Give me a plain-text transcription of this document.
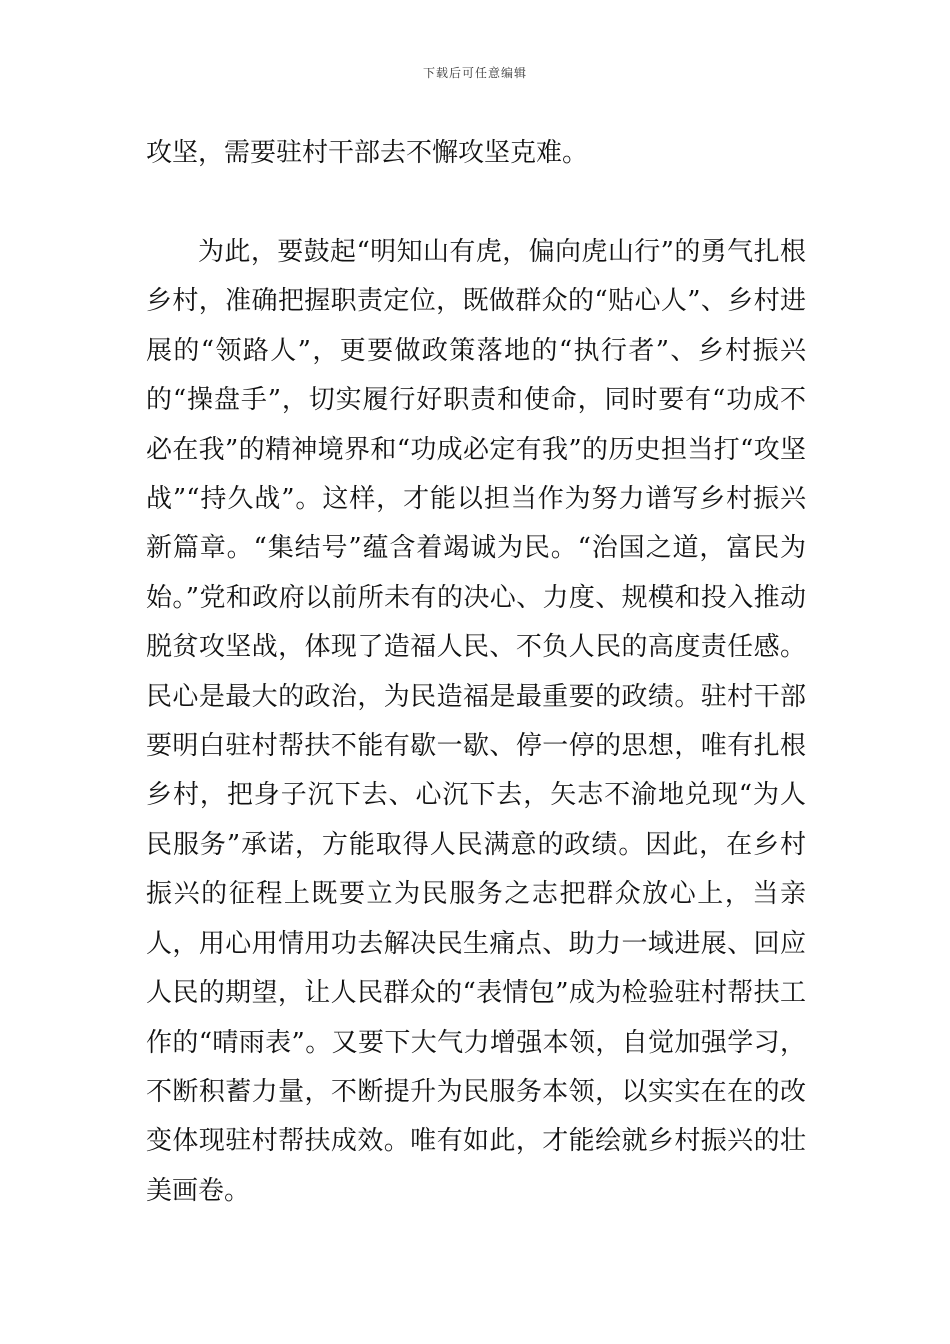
下载后可任意编辑

攻坚，需要驻村干部去不懈攻坚克难。

为此，要鼓起“明知山有虎，偏向虎山行”的勇气扎根乡村，准确把握职责定位，既做群众的“贴心人”、乡村进展的“领路人”，更要做政策落地的“执行者”、乡村振兴的“操盘手”，切实履行好职责和使命，同时要有“功成不必在我”的精神境界和“功成必定有我”的历史担当打“攻坚战”“持久战”。这样，才能以担当作为努力谱写乡村振兴新篇章。“集结号”蕴含着竭诚为民。“治国之道，富民为始。”党和政府以前所未有的决心、力度、规模和投入推动脱贫攻坚战，体现了造福人民、不负人民的高度责任感。民心是最大的政治，为民造福是最重要的政绩。驻村干部要明白驻村帮扶不能有歇一歇、停一停的思想，唯有扎根乡村，把身子沉下去、心沉下去，矢志不渝地兑现“为人民服务”承诺，方能取得人民满意的政绩。因此，在乡村振兴的征程上既要立为民服务之志把群众放心上，当亲人，用心用情用功去解决民生痛点、助力一域进展、回应人民的期望，让人民群众的“表情包”成为检验驻村帮扶工作的“晴雨表”。又要下大气力增强本领，自觉加强学习，不断积蓄力量，不断提升为民服务本领，以实实在在的改变体现驻村帮扶成效。唯有如此，才能绘就乡村振兴的壮美画卷。
